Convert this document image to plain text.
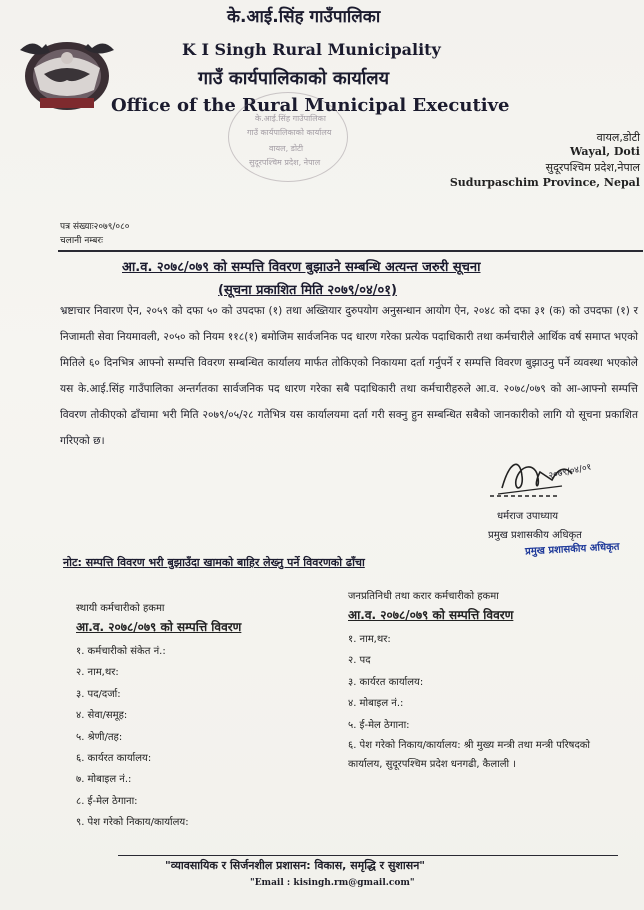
के.आई.सिंह गाउँपालिका
K I Singh Rural Municipality
गाउँ कार्यपालिकाको कार्यालय
Office of the Rural Municipal Executive
के.आई.सिंह गाउँपालिका
गाउँ कार्यपालिकाको कार्यालय
वायल, डोटी
सुदूरपश्चिम प्रदेश, नेपाल
वायल,डोटी
Wayal, Doti
सुदूरपश्चिम प्रदेश,नेपाल
Sudurpaschim Province, Nepal
पत्र संख्याः२०७९/०८०
चलानी नम्बरः
आ.व. २०७८/०७९ को सम्पत्ति विवरण बुझाउने सम्बन्धि अत्यन्त जरुरी सूचना
(सूचना प्रकाशित मिति २०७९/०४/०१)
भ्रष्टाचार निवारण ऐन, २०५९ को दफा ५० को उपदफा (१) तथा अख्तियार दुरुपयोग अनुसन्धान आयोग ऐन, २०४८ को दफा ३१ (क) को उपदफा (१) र निजामती सेवा नियमावली, २०५० को नियम ११८(१) बमोजिम सार्वजनिक पद धारण गरेका प्रत्येक पदाधिकारी तथा कर्मचारीले आर्थिक वर्ष समाप्त भएको मितिले ६० दिनभित्र आफ्नो सम्पत्ति विवरण सम्बन्धित कार्यालय मार्फत तोकिएको निकायमा दर्ता गर्नुपर्ने र सम्पत्ति विवरण बुझाउनु पर्ने व्यवस्था भएकोले यस के.आई.सिंह गाउँपालिका अन्तर्गतका सार्वजनिक पद धारण गरेका सबै पदाधिकारी तथा कर्मचारीहरुले आ.व. २०७८/०७९ को आ-आफ्नो सम्पत्ति विवरण तोकीएको ढाँचामा भरी मिति २०७९/०५/२८ गतेभित्र यस कार्यालयमा दर्ता गरी सक्नु हुन सम्बन्धित सबैको जानकारीको लागि यो सूचना प्रकाशित गरिएको छ।
२०७९/०४/०१
धर्मराज उपाध्याय
प्रमुख प्रशासकीय अधिकृत
प्रमुख प्रशासकीय अधिकृत
नोट: सम्पत्ति विवरण भरी बुझाउँदा खामको बाहिर लेख्नु पर्ने विवरणको ढाँचा
स्थायी कर्मचारीको हकमा
आ.व. २०७८/०७९ को सम्पत्ति विवरण
१. कर्मचारीको संकेत नं.:
२. नाम,थर:
३. पद/दर्जा:
४. सेवा/समूह:
५. श्रेणी/तह:
६. कार्यरत कार्यालय:
७. मोबाइल नं.:
८. ई-मेल ठेगाना:
९. पेश गरेको निकाय/कार्यालय:
जनप्रतिनिधी तथा करार कर्मचारीको हकमा
आ.व. २०७८/०७९ को सम्पत्ति विवरण
१. नाम,थर:
२. पद
३. कार्यरत कार्यालय:
४. मोबाइल नं.:
५. ई-मेल ठेगाना:
६. पेश गरेको निकाय/कार्यालय: श्री मुख्य मन्त्री तथा मन्त्री परिषदको कार्यालय, सुदूरपश्चिम प्रदेश धनगढी, कैलाली ।
"व्यावसायिक र सिर्जनशील प्रशासन: विकास, समृद्धि र सुशासन"
"Email : kisingh.rm@gmail.com"
